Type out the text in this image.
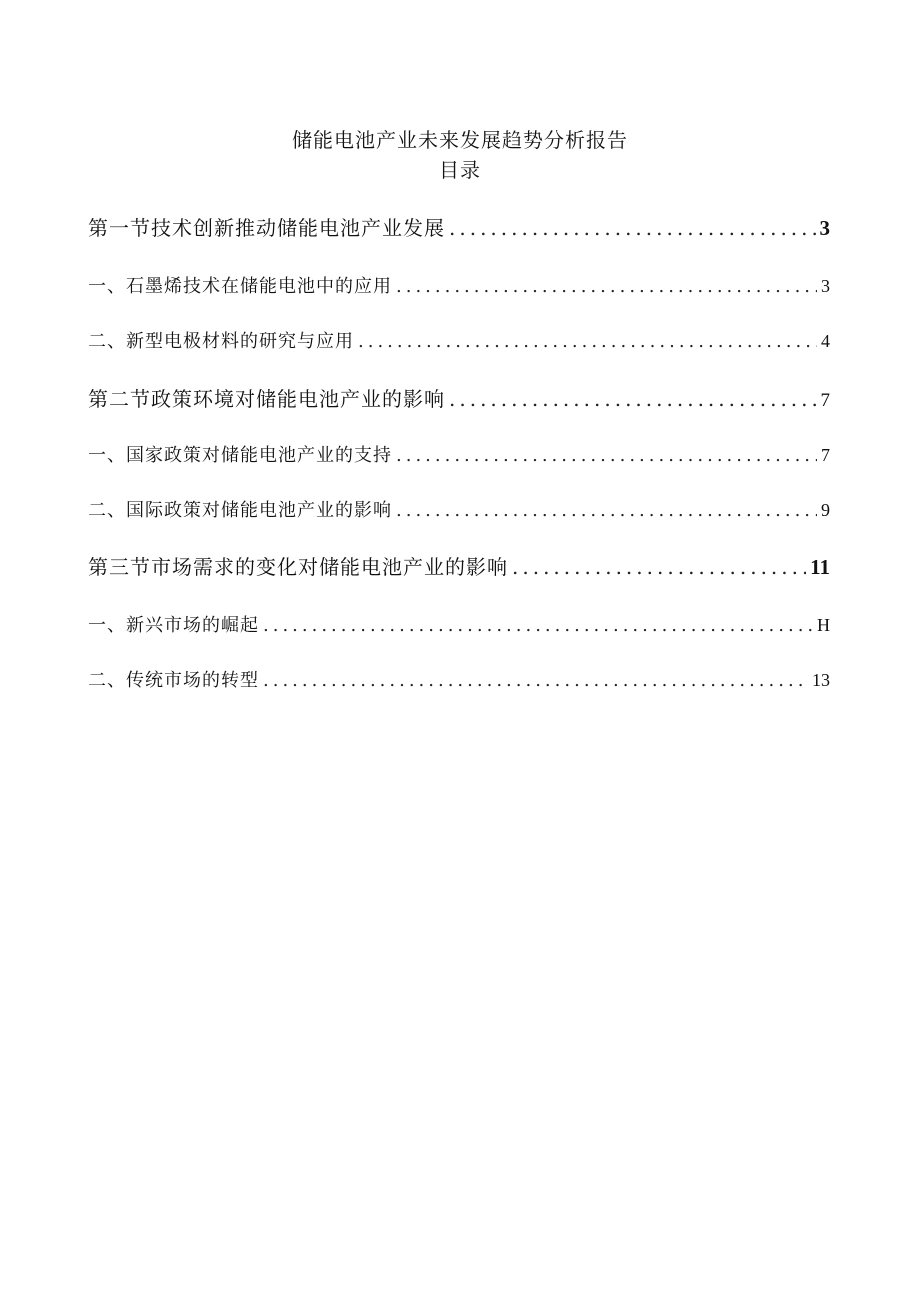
储能电池产业未来发展趋势分析报告
目录
第一节技术创新推动储能电池产业发展 .....	3
一、石墨烯技术在储能电池中的应用 .....	3
二、新型电极材料的研究与应用 .....	4
第二节政策环境对储能电池产业的影响 .....	7
一、国家政策对储能电池产业的支持 .....	7
二、国际政策对储能电池产业的影响 .....	9
第三节市场需求的变化对储能电池产业的影响 .....	11
一、新兴市场的崛起 .....	H
二、传统市场的转型 .....	13
